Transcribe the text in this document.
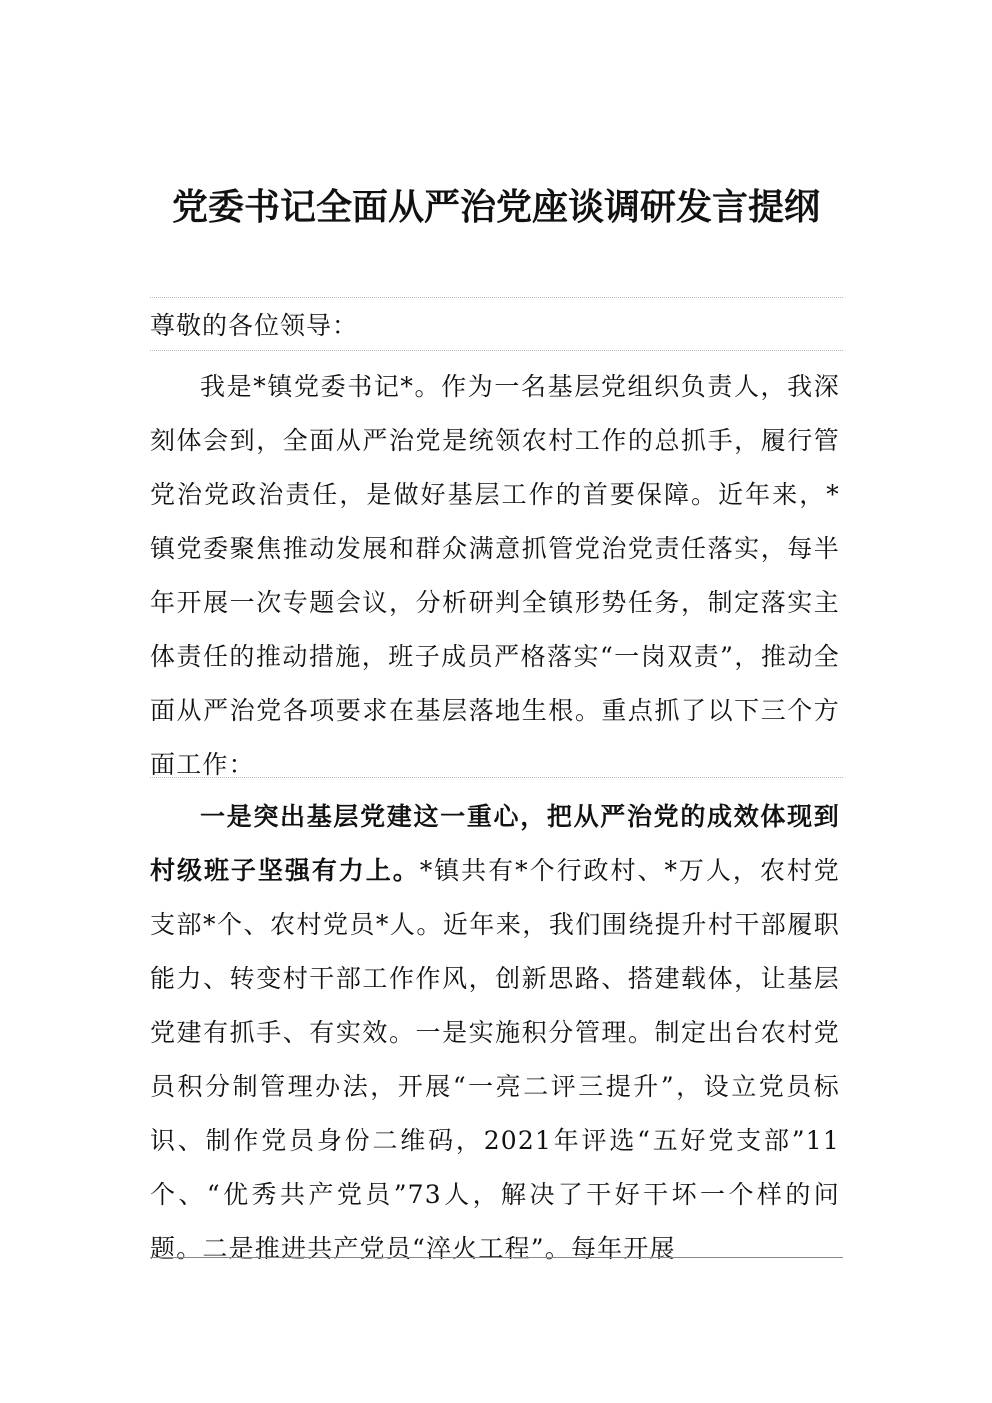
党委书记全面从严治党座谈调研发言提纲
尊敬的各位领导：

我是*镇党委书记*。作为一名基层党组织负责人，我深刻体会到，全面从严治党是统领农村工作的总抓手，履行管党治党政治责任，是做好基层工作的首要保障。近年来，*镇党委聚焦推动发展和群众满意抓管党治党责任落实，每半年开展一次专题会议，分析研判全镇形势任务，制定落实主体责任的推动措施，班子成员严格落实“一岗双责”，推动全面从严治党各项要求在基层落地生根。重点抓了以下三个方面工作：

一是突出基层党建这一重心，把从严治党的成效体现到村级班子坚强有力上。*镇共有*个行政村、*万人，农村党支部*个、农村党员*人。近年来，我们围绕提升村干部履职能力、转变村干部工作作风，创新思路、搭建载体，让基层党建有抓手、有实效。一是实施积分管理。制定出台农村党员积分制管理办法，开展“一亮二评三提升”，设立党员标识、制作党员身份二维码，2021年评选“五好党支部”11个、“优秀共产党员”73人，解决了干好干坏一个样的问题。二是推进共产党员“淬火工程”。每年开展
